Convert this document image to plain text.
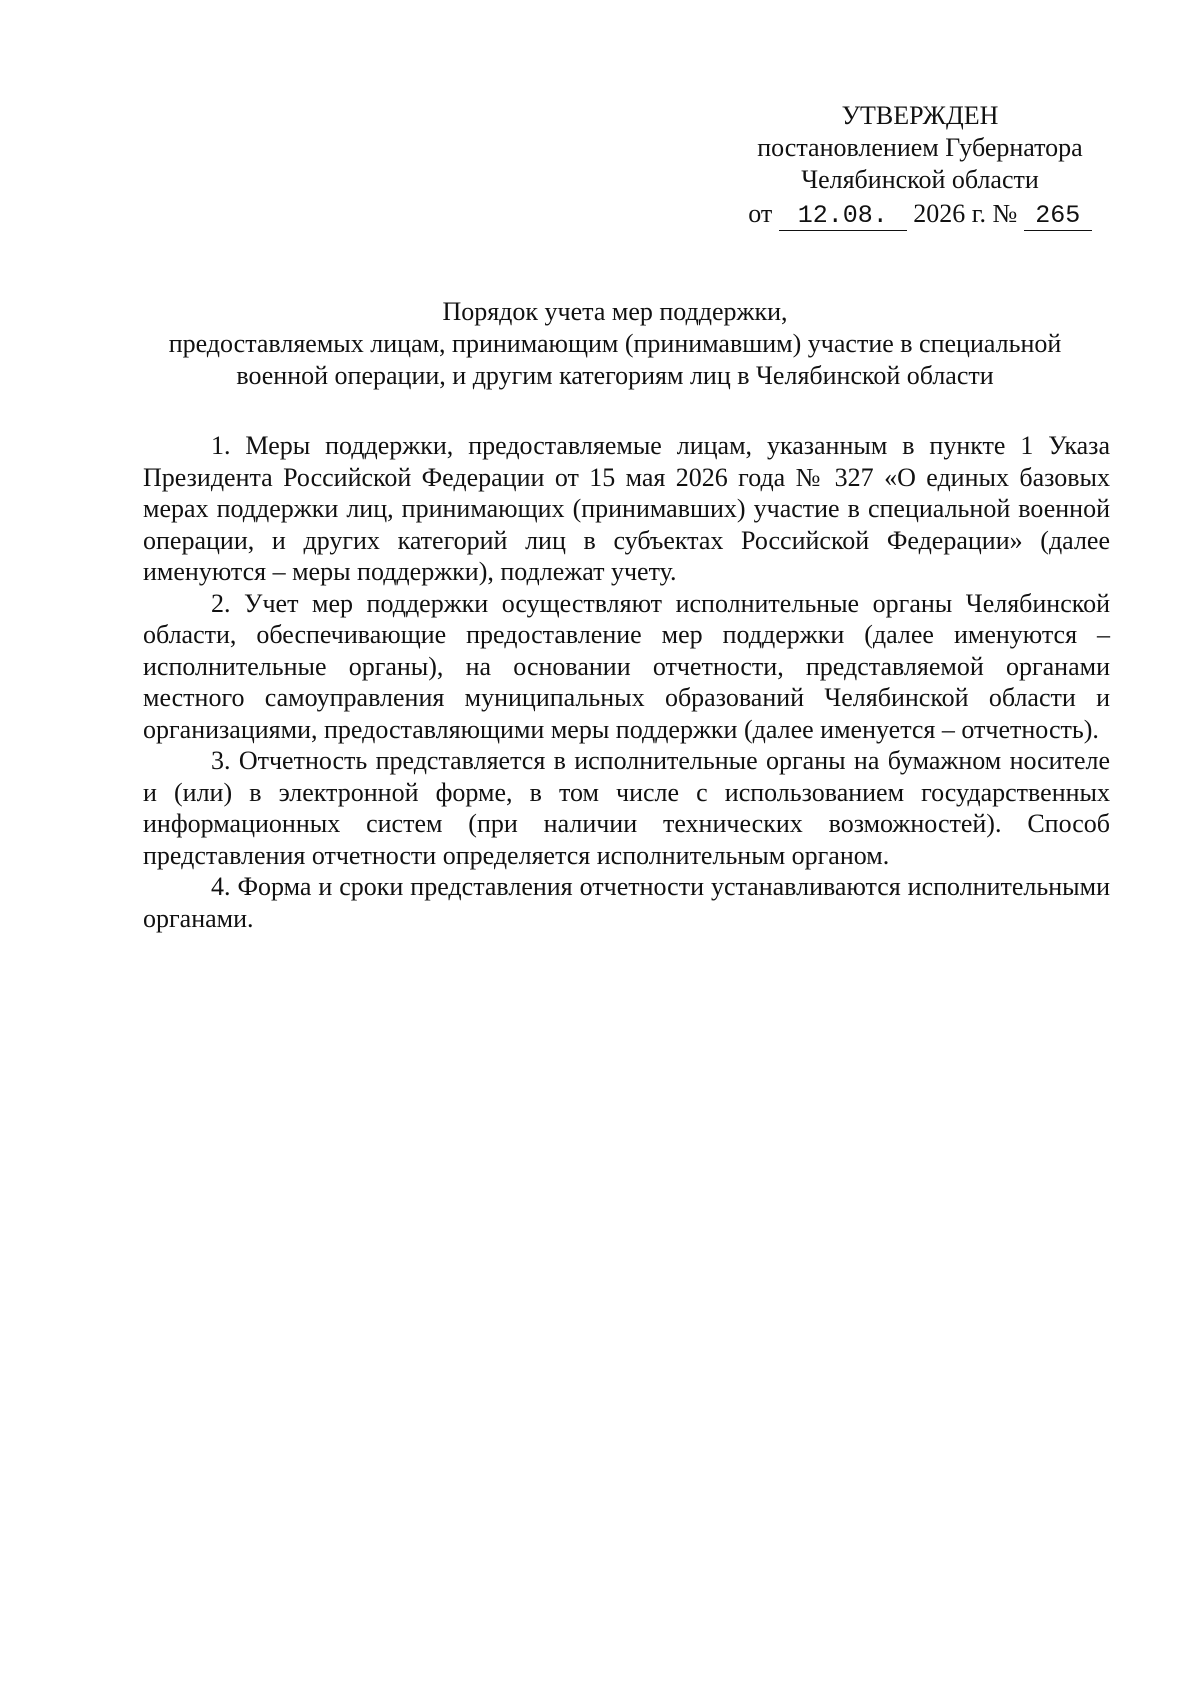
УТВЕРЖДЕН
постановлением Губернатора
Челябинской области
от 12.08. 2026 г. № 265
Порядок учета мер поддержки,
предоставляемых лицам, принимающим (принимавшим) участие в специальной
военной операции, и другим категориям лиц в Челябинской области

1. Меры поддержки, предоставляемые лицам, указанным в пункте 1 Указа Президента Российской Федерации от 15 мая 2026 года № 327 «О единых базовых мерах поддержки лиц, принимающих (принимавших) участие в специальной военной операции, и других категорий лиц в субъектах Российской Федерации» (далее именуются – меры поддержки), подлежат учету.

2. Учет мер поддержки осуществляют исполнительные органы Челябинской области, обеспечивающие предоставление мер поддержки (далее именуются – исполнительные органы), на основании отчетности, представляемой органами местного самоуправления муниципальных образований Челябинской области и организациями, предоставляющими меры поддержки (далее именуется – отчетность).

3. Отчетность представляется в исполнительные органы на бумажном носителе и (или) в электронной форме, в том числе с использованием государственных информационных систем (при наличии технических возможностей). Способ представления отчетности определяется исполнительным органом.

4. Форма и сроки представления отчетности устанавливаются исполнительными органами.
